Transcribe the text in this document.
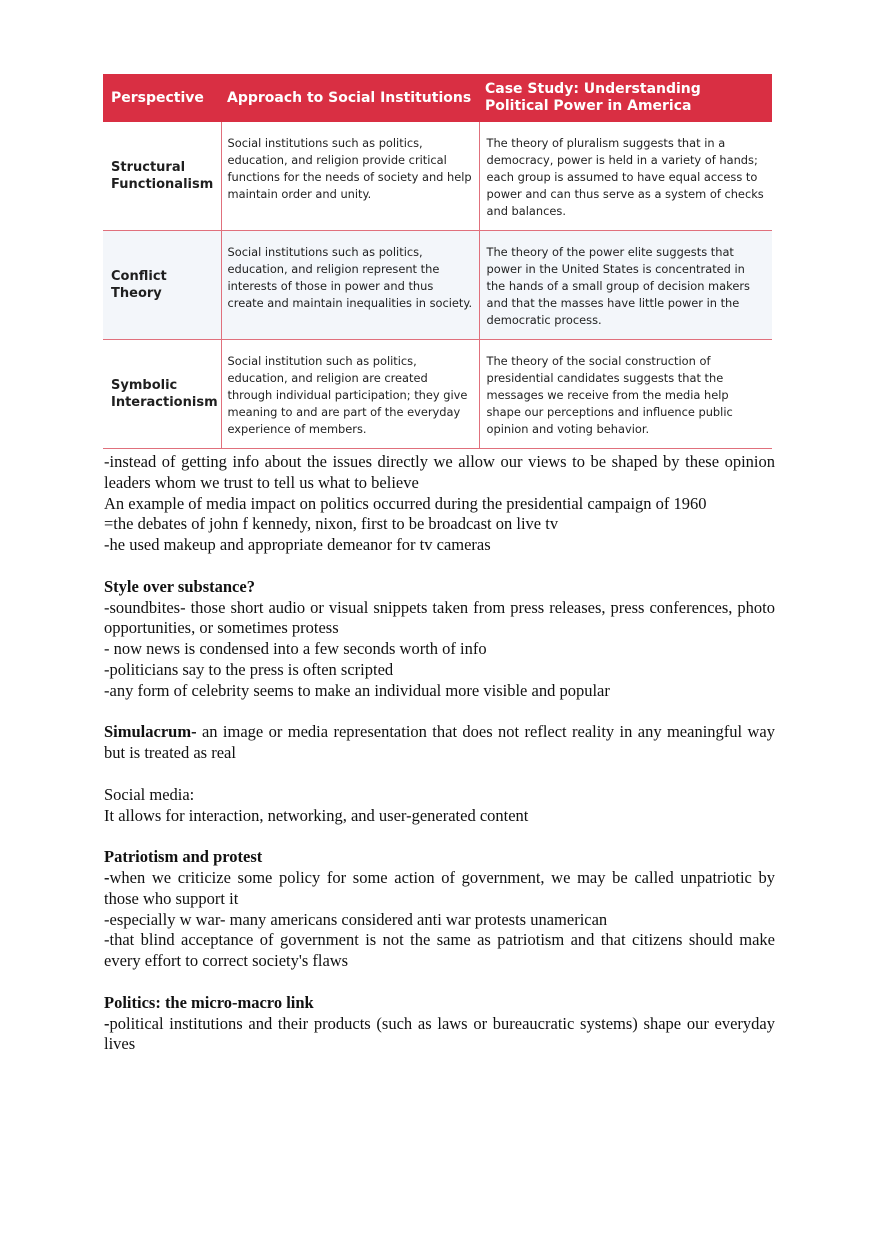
Perspective	Approach to Social Institutions	Case Study: Understanding Political Power in America
Structural Functionalism	Social institutions such as politics, education, and religion provide critical functions for the needs of society and help maintain order and unity.	The theory of pluralism suggests that in a democracy, power is held in a variety of hands; each group is assumed to have equal access to power and can thus serve as a system of checks and balances.
Conflict Theory	Social institutions such as politics, education, and religion represent the interests of those in power and thus create and maintain inequalities in society.	The theory of the power elite suggests that power in the United States is concentrated in the hands of a small group of decision makers and that the masses have little power in the democratic process.
Symbolic Interactionism	Social institution such as politics, education, and religion are created through individual participation; they give meaning to and are part of the everyday experience of members.	The theory of the social construction of presidential candidates suggests that the messages we receive from the media help shape our perceptions and influence public opinion and voting behavior.

-instead of getting info about the issues directly we allow our views to be shaped by these opinion leaders whom we trust to tell us what to believe

An example of media impact on politics occurred during the presidential campaign of 1960

=the debates of john f kennedy, nixon, first to be broadcast on live tv

-he used makeup and appropriate demeanor for tv cameras

Style over substance?

-soundbites- those short audio or visual snippets taken from press releases, press conferences, photo opportunities, or sometimes protess

- now news is condensed into a few seconds worth of info

-politicians say to the press is often scripted

-any form of celebrity seems to make an individual more visible and popular

Simulacrum- an image or media representation that does not reflect reality in any meaningful way but is treated as real

Social media:

It allows for interaction, networking, and user-generated content

Patriotism and protest

-when we criticize some policy for some action of government, we may be called unpatriotic by those who support it

-especially w war- many americans considered anti war protests unamerican

-that blind acceptance of government is not the same as patriotism and that citizens should make every effort to correct society's flaws

Politics: the micro-macro link

-political institutions and their products (such as laws or bureaucratic systems) shape our everyday lives
